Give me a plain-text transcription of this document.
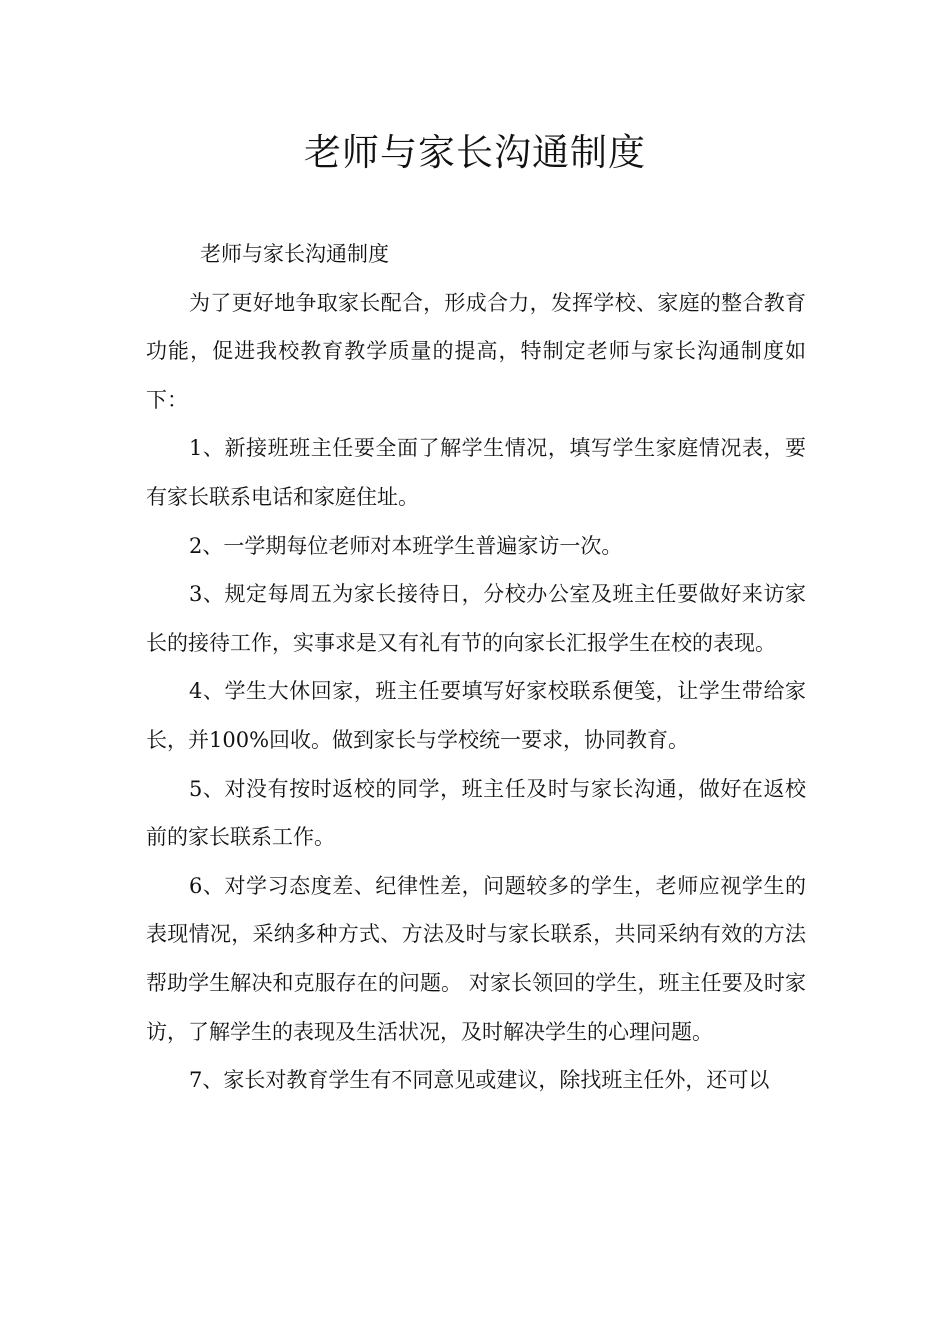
老师与家长沟通制度

老师与家长沟通制度

为了更好地争取家长配合，形成合力，发挥学校、家庭的整合教育功能，促进我校教育教学质量的提高，特制定老师与家长沟通制度如下：

1、新接班班主任要全面了解学生情况，填写学生家庭情况表，要有家长联系电话和家庭住址。

2、一学期每位老师对本班学生普遍家访一次。

3、规定每周五为家长接待日，分校办公室及班主任要做好来访家长的接待工作，实事求是又有礼有节的向家长汇报学生在校的表现。

4、学生大休回家，班主任要填写好家校联系便笺，让学生带给家长，并100%回收。做到家长与学校统一要求，协同教育。

5、对没有按时返校的同学，班主任及时与家长沟通，做好在返校前的家长联系工作。

6、对学习态度差、纪律性差，问题较多的学生，老师应视学生的表现情况，采纳多种方式、方法及时与家长联系，共同采纳有效的方法帮助学生解决和克服存在的问题。 对家长领回的学生，班主任要及时家访，了解学生的表现及生活状况，及时解决学生的心理问题。

7、家长对教育学生有不同意见或建议，除找班主任外，还可以
